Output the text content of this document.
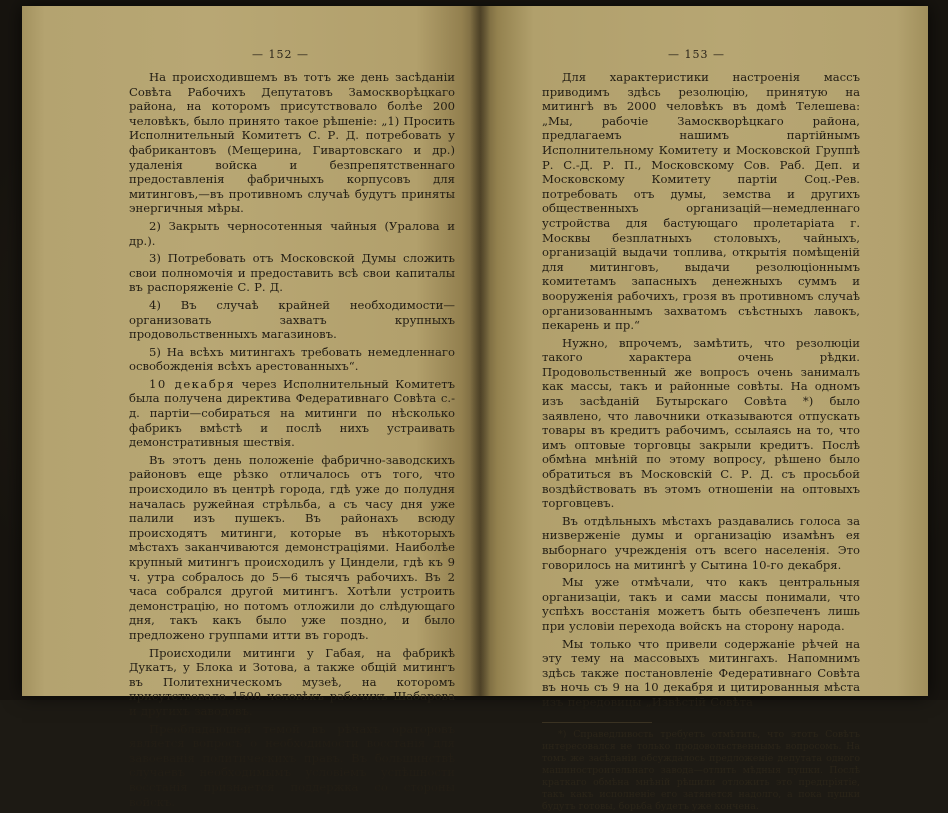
— 152 —

На происходившемъ въ тотъ же день засѣданіи Совѣта Рабочихъ Депутатовъ Замоскворѣцкаго района, на которомъ присутствовало болѣе 200 человѣкъ, было принято такое рѣшеніе: „1) Просить Исполнительный Комитетъ С. Р. Д. потребовать у фабрикантовъ (Мещерина, Гивартовскаго и др.) удаленія войска и безпрепятственнаго предоставленія фабричныхъ корпусовъ для митинговъ,—въ противномъ случаѣ будутъ приняты энергичныя мѣры.

2) Закрыть черносотенныя чайныя (Уралова и др.).

3) Потребовать отъ Московской Думы сложить свои полномочія и предоставить всѣ свои капиталы въ распоряженіе С. Р. Д.

4) Въ случаѣ крайней необходимости—организовать захватъ крупныхъ продовольственныхъ магазиновъ.

5) На всѣхъ митингахъ требовать немедленнаго освобожденія всѣхъ арестованныхъ“.

10 декабря через Исполнительный Комитетъ была получена директива Федеративнаго Совѣта с.-д. партіи—собираться на митинги по нѣсколько фабрикъ вмѣстѣ и послѣ нихъ устраивать демонстративныя шествія.

Въ этотъ день положеніе фабрично-заводскихъ районовъ еще рѣзко отличалось отъ того, что происходило въ центрѣ города, гдѣ уже до полудня началась ружейная стрѣльба, а съ часу дня уже палили изъ пушекъ. Въ районахъ всюду происходятъ митинги, которые въ нѣкоторыхъ мѣстахъ заканчиваются демонстраціями. Наиболѣе крупный митингъ происходилъ у Циндели, гдѣ къ 9 ч. утра собралось до 5—6 тысячъ рабочихъ. Въ 2 часа собрался другой митингъ. Хотѣли устроить демонстрацію, но потомъ отложили до слѣдующаго дня, такъ какъ было уже поздно, и было предложено группами итти въ городъ.

Происходили митинги у Габая, на фабрикѣ Дукатъ, у Блока и Зотова, а также общій митингъ въ Политехническомъ музеѣ, на которомъ присутствовало 1500 человѣкъ рабочихъ Шабарова и другихъ заводовъ.

Преобладающей темой въ рѣчахъ ораторовъ является вопросъ о необходимости восстанія для завоеванія политическихъ правъ. Въ большинствѣ случаевъ необходимымъ условіемъ успѣшности восстанія признается поддержка со стороны войскъ.

— 153 —

Для характеристики настроенія массъ приводимъ здѣсь резолюцію, принятую на митингѣ въ 2000 человѣкъ въ домѣ Телешева: „Мы, рабочіе Замоскворѣцкаго района, предлагаемъ нашимъ партійнымъ Исполнительному Комитету и Московской Группѣ Р. С.-Д. Р. П., Московскому Сов. Раб. Деп. и Московскому Комитету партіи Соц.-Рев. потребовать отъ думы, земства и другихъ общественныхъ организацій—немедленнаго устройства для бастующаго пролетаріата г. Москвы безплатныхъ столовыхъ, чайныхъ, организацій выдачи топлива, открытія помѣщеній для митинговъ, выдачи резолюціоннымъ комитетамъ запасныхъ денежныхъ суммъ и вооруженія рабочихъ, грозя въ противномъ случаѣ организованнымъ захватомъ съѣстныхъ лавокъ, пекарень и пр.“

Нужно, впрочемъ, замѣтить, что резолюціи такого характера очень рѣдки. Продовольственный же вопросъ очень занималъ как массы, такъ и районные совѣты. На одномъ изъ засѣданій Бутырскаго Совѣта *) было заявлено, что лавочники отказываются отпускать товары въ кредитъ рабочимъ, ссылаясь на то, что имъ оптовые торговцы закрыли кредитъ. Послѣ обмѣна мнѣній по этому вопросу, рѣшено было обратиться въ Московскій С. Р. Д. съ просьбой воздѣйствовать въ этомъ отношеніи на оптовыхъ торговцевъ.

Въ отдѣльныхъ мѣстахъ раздавались голоса за низверженіе думы и организацію изамѣнъ ея выборнаго учрежденія отъ всего населенія. Это говорилось на митингѣ у Сытина 10-го декабря.

Мы уже отмѣчали, что какъ центральныя организаціи, такъ и сами массы понимали, что успѣхъ восстанія можетъ быть обезпеченъ лишь при условіи перехода войскъ на сторону народа.

Мы только что привели содержаніе рѣчей на эту тему на массовыхъ митингахъ. Напомнимъ здѣсь также постановленіе Федеративнаго Совѣта въ ночь съ 9 на 10 декабря и цитированныя мѣста изъ передовицы „Извѣстій Совѣта

*) Справедливость требуетъ отмѣтить, что этотъ Совѣтъ интересовался не только продовольственнымъ вопросомъ. На томъ же засѣданіи обсуждалось предложеніе депутата одного машиностроительнаго завода—отлить мѣдныя пушки. Послѣ краткаго обмѣна мнѣній рѣшили отложить это предпріятіе, такъ какъ исполненіе его затянется надолго, а пока пушки будутъ готовы, борьба будетъ уже кончена.
